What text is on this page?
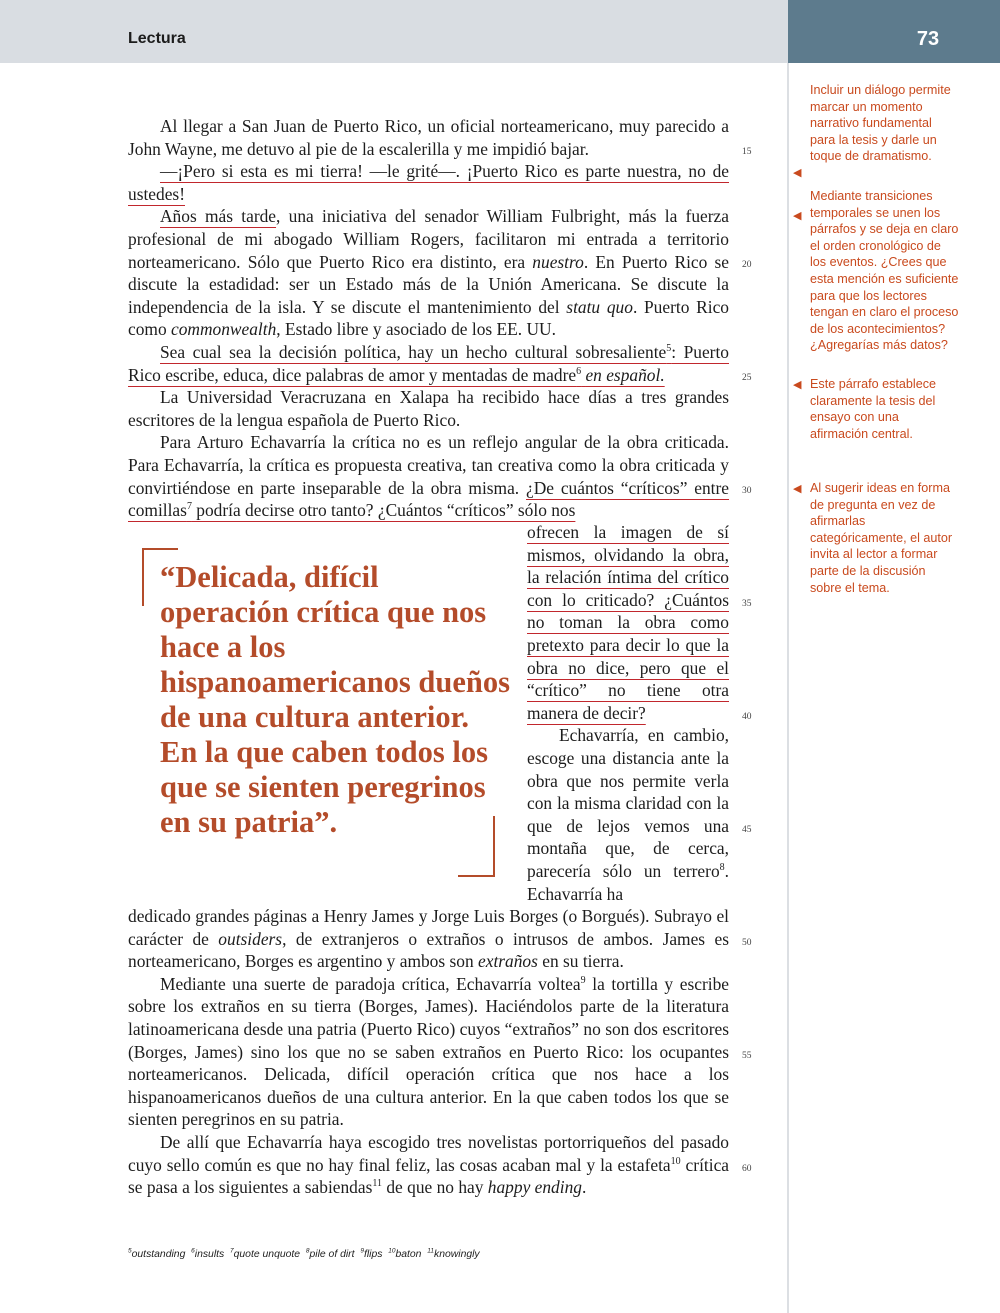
Lectura	73

Al llegar a San Juan de Puerto Rico, un oficial norteamericano, muy parecido a John Wayne, me detuvo al pie de la escalerilla y me impidió bajar.

—¡Pero si esta es mi tierra! —le grité—. ¡Puerto Rico es parte nuestra, no de ustedes!

Años más tarde, una iniciativa del senador William Fulbright, más la fuerza profesional de mi abogado William Rogers, facilitaron mi entrada a territorio norteamericano. Sólo que Puerto Rico era distinto, era nuestro. En Puerto Rico se discute la estadidad: ser un Estado más de la Unión Americana. Se discute la independencia de la isla. Y se discute el mantenimiento del statu quo. Puerto Rico como commonwealth, Estado libre y asociado de los EE. UU.

Sea cual sea la decisión política, hay un hecho cultural sobresaliente$^5$: Puerto Rico escribe, educa, dice palabras de amor y mentadas de madre$^6$ en español.

La Universidad Veracruzana en Xalapa ha recibido hace días a tres grandes escritores de la lengua española de Puerto Rico.

Para Arturo Echavarría la crítica no es un reflejo angular de la obra criticada. Para Echavarría, la crítica es propuesta creativa, tan creativa como la obra criticada y convirtiéndose en parte inseparable de la obra misma. ¿De cuántos “críticos” entre comillas$^7$ podría decirse otro tanto? ¿Cuántos “críticos” sólo nos

“Delicada, difícil operación crítica que nos hace a los hispanoamericanos dueños de una cultura anterior. En la que caben todos los que se sienten peregrinos en su patria”.

ofrecen la imagen de sí mismos, olvidando la obra, la relación íntima del crítico con lo criticado? ¿Cuántos no toman la obra como pretexto para decir lo que la obra no dice, pero que el “crítico” no tiene otra manera de decir?

Echavarría, en cambio, escoge una distancia ante la obra que nos permite verla con la misma claridad con la que de lejos vemos una montaña que, de cerca, parecería sólo un terrero$^8$. Echavarría ha

dedicado grandes páginas a Henry James y Jorge Luis Borges (o Borgués). Subrayo el carácter de outsiders, de extranjeros o extraños o intrusos de ambos. James es norteamericano, Borges es argentino y ambos son extraños en su tierra.

Mediante una suerte de paradoja crítica, Echavarría voltea$^9$ la tortilla y escribe sobre los extraños en su tierra (Borges, James). Haciéndolos parte de la literatura latinoamericana desde una patria (Puerto Rico) cuyos “extraños” no son dos escritores (Borges, James) sino los que no se saben extraños en Puerto Rico: los ocupantes norteamericanos. Delicada, difícil operación crítica que nos hace a los hispanoamericanos dueños de una cultura anterior. En la que caben todos los que se sienten peregrinos en su patria.

De allí que Echavarría haya escogido tres novelistas portorriqueños del pasado cuyo sello común es que no hay final feliz, las cosas acaban mal y la estafeta$^{10}$ crítica se pasa a los siguientes a sabiendas$^{11}$ de que no hay happy ending.

15
20
25
30
35
40
45
50
55
60
Incluir un diálogo permite marcar un momento narrativo fundamental para la tesis y darle un toque de dramatismo.
◀
Mediante transiciones temporales se unen los párrafos y se deja en claro el orden cronológico de los eventos. ¿Crees que esta mención es suficiente para que los lectores tengan en claro el proceso de los acontecimientos? ¿Agregarías más datos?
◀
Este párrafo establece claramente la tesis del ensayo con una afirmación central.
◀
Al sugerir ideas en forma de pregunta en vez de afirmarlas categóricamente, el autor invita al lector a formar parte de la discusión sobre el tema.
◀
$^5$outstanding $^6$insults $^7$quote unquote $^8$pile of dirt $^9$flips $^{10}$baton $^{11}$knowingly
